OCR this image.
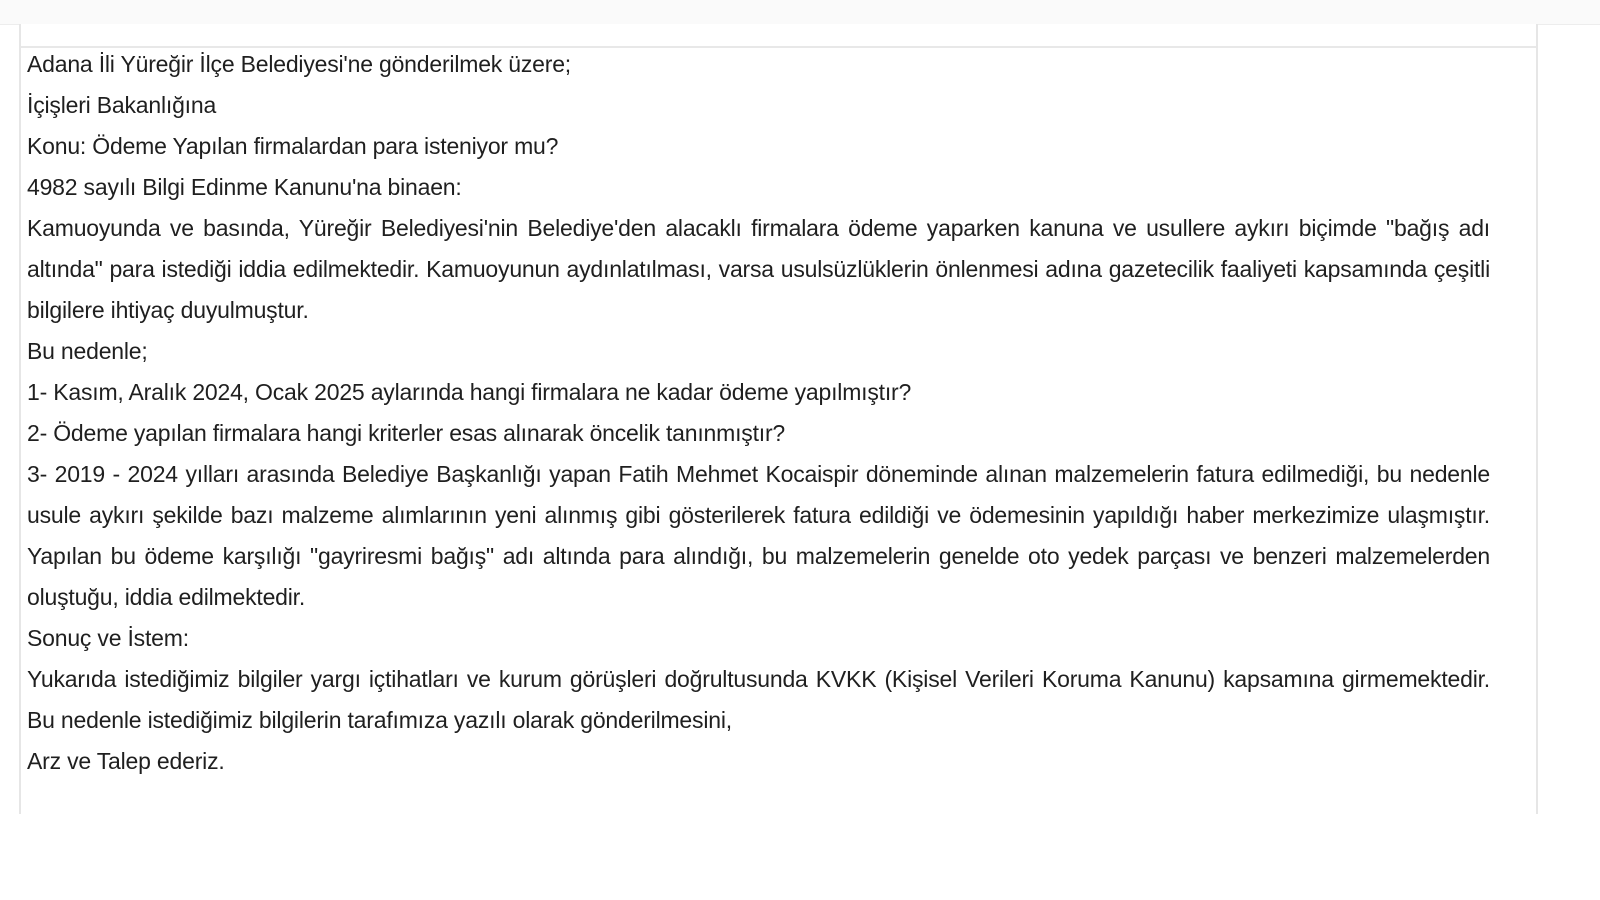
Adana İli Yüreğir İlçe Belediyesi'ne gönderilmek üzere;

İçişleri Bakanlığına

Konu: Ödeme Yapılan firmalardan para isteniyor mu?

4982 sayılı Bilgi Edinme Kanunu'na binaen:

Kamuoyunda ve basında, Yüreğir Belediyesi'nin Belediye'den alacaklı firmalara ödeme yaparken kanuna ve usullere aykırı biçimde "bağış adı altında" para istediği iddia edilmektedir. Kamuoyunun aydınlatılması, varsa usulsüzlüklerin önlenmesi adına gazetecilik faaliyeti kapsamında çeşitli bilgilere ihtiyaç duyulmuştur.

Bu nedenle;

1- Kasım, Aralık 2024, Ocak 2025 aylarında hangi firmalara ne kadar ödeme yapılmıştır?

2- Ödeme yapılan firmalara hangi kriterler esas alınarak öncelik tanınmıştır?

3- 2019 - 2024 yılları arasında Belediye Başkanlığı yapan Fatih Mehmet Kocaispir döneminde alınan malzemelerin fatura edilmediği, bu nedenle usule aykırı şekilde bazı malzeme alımlarının yeni alınmış gibi gösterilerek fatura edildiği ve ödemesinin yapıldığı haber merkezimize ulaşmıştır. Yapılan bu ödeme karşılığı "gayriresmi bağış" adı altında para alındığı, bu malzemelerin genelde oto yedek parçası ve benzeri malzemelerden oluştuğu, iddia edilmektedir.

Sonuç ve İstem:

Yukarıda istediğimiz bilgiler yargı içtihatları ve kurum görüşleri doğrultusunda KVKK (Kişisel Verileri Koruma Kanunu) kapsamına girmemektedir. Bu nedenle istediğimiz bilgilerin tarafımıza yazılı olarak gönderilmesini,

Arz ve Talep ederiz.
